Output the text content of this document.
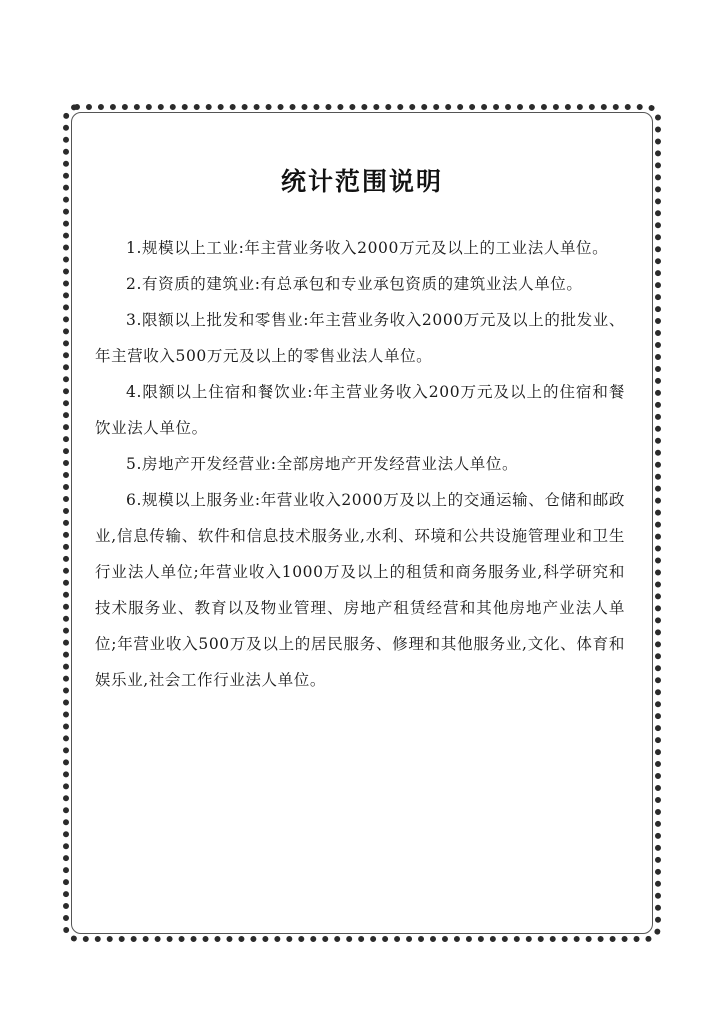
统计范围说明

1.规模以上工业:年主营业务收入2000万元及以上的工业法人单位。

2.有资质的建筑业:有总承包和专业承包资质的建筑业法人单位。

3.限额以上批发和零售业:年主营业务收入2000万元及以上的批发业、年主营收入500万元及以上的零售业法人单位。

4.限额以上住宿和餐饮业:年主营业务收入200万元及以上的住宿和餐饮业法人单位。

5.房地产开发经营业:全部房地产开发经营业法人单位。

6.规模以上服务业:年营业收入2000万及以上的交通运输、仓储和邮政业,信息传输、软件和信息技术服务业,水利、环境和公共设施管理业和卫生行业法人单位;年营业收入1000万及以上的租赁和商务服务业,科学研究和技术服务业、教育以及物业管理、房地产租赁经营和其他房地产业法人单位;年营业收入500万及以上的居民服务、修理和其他服务业,文化、体育和娱乐业,社会工作行业法人单位。
